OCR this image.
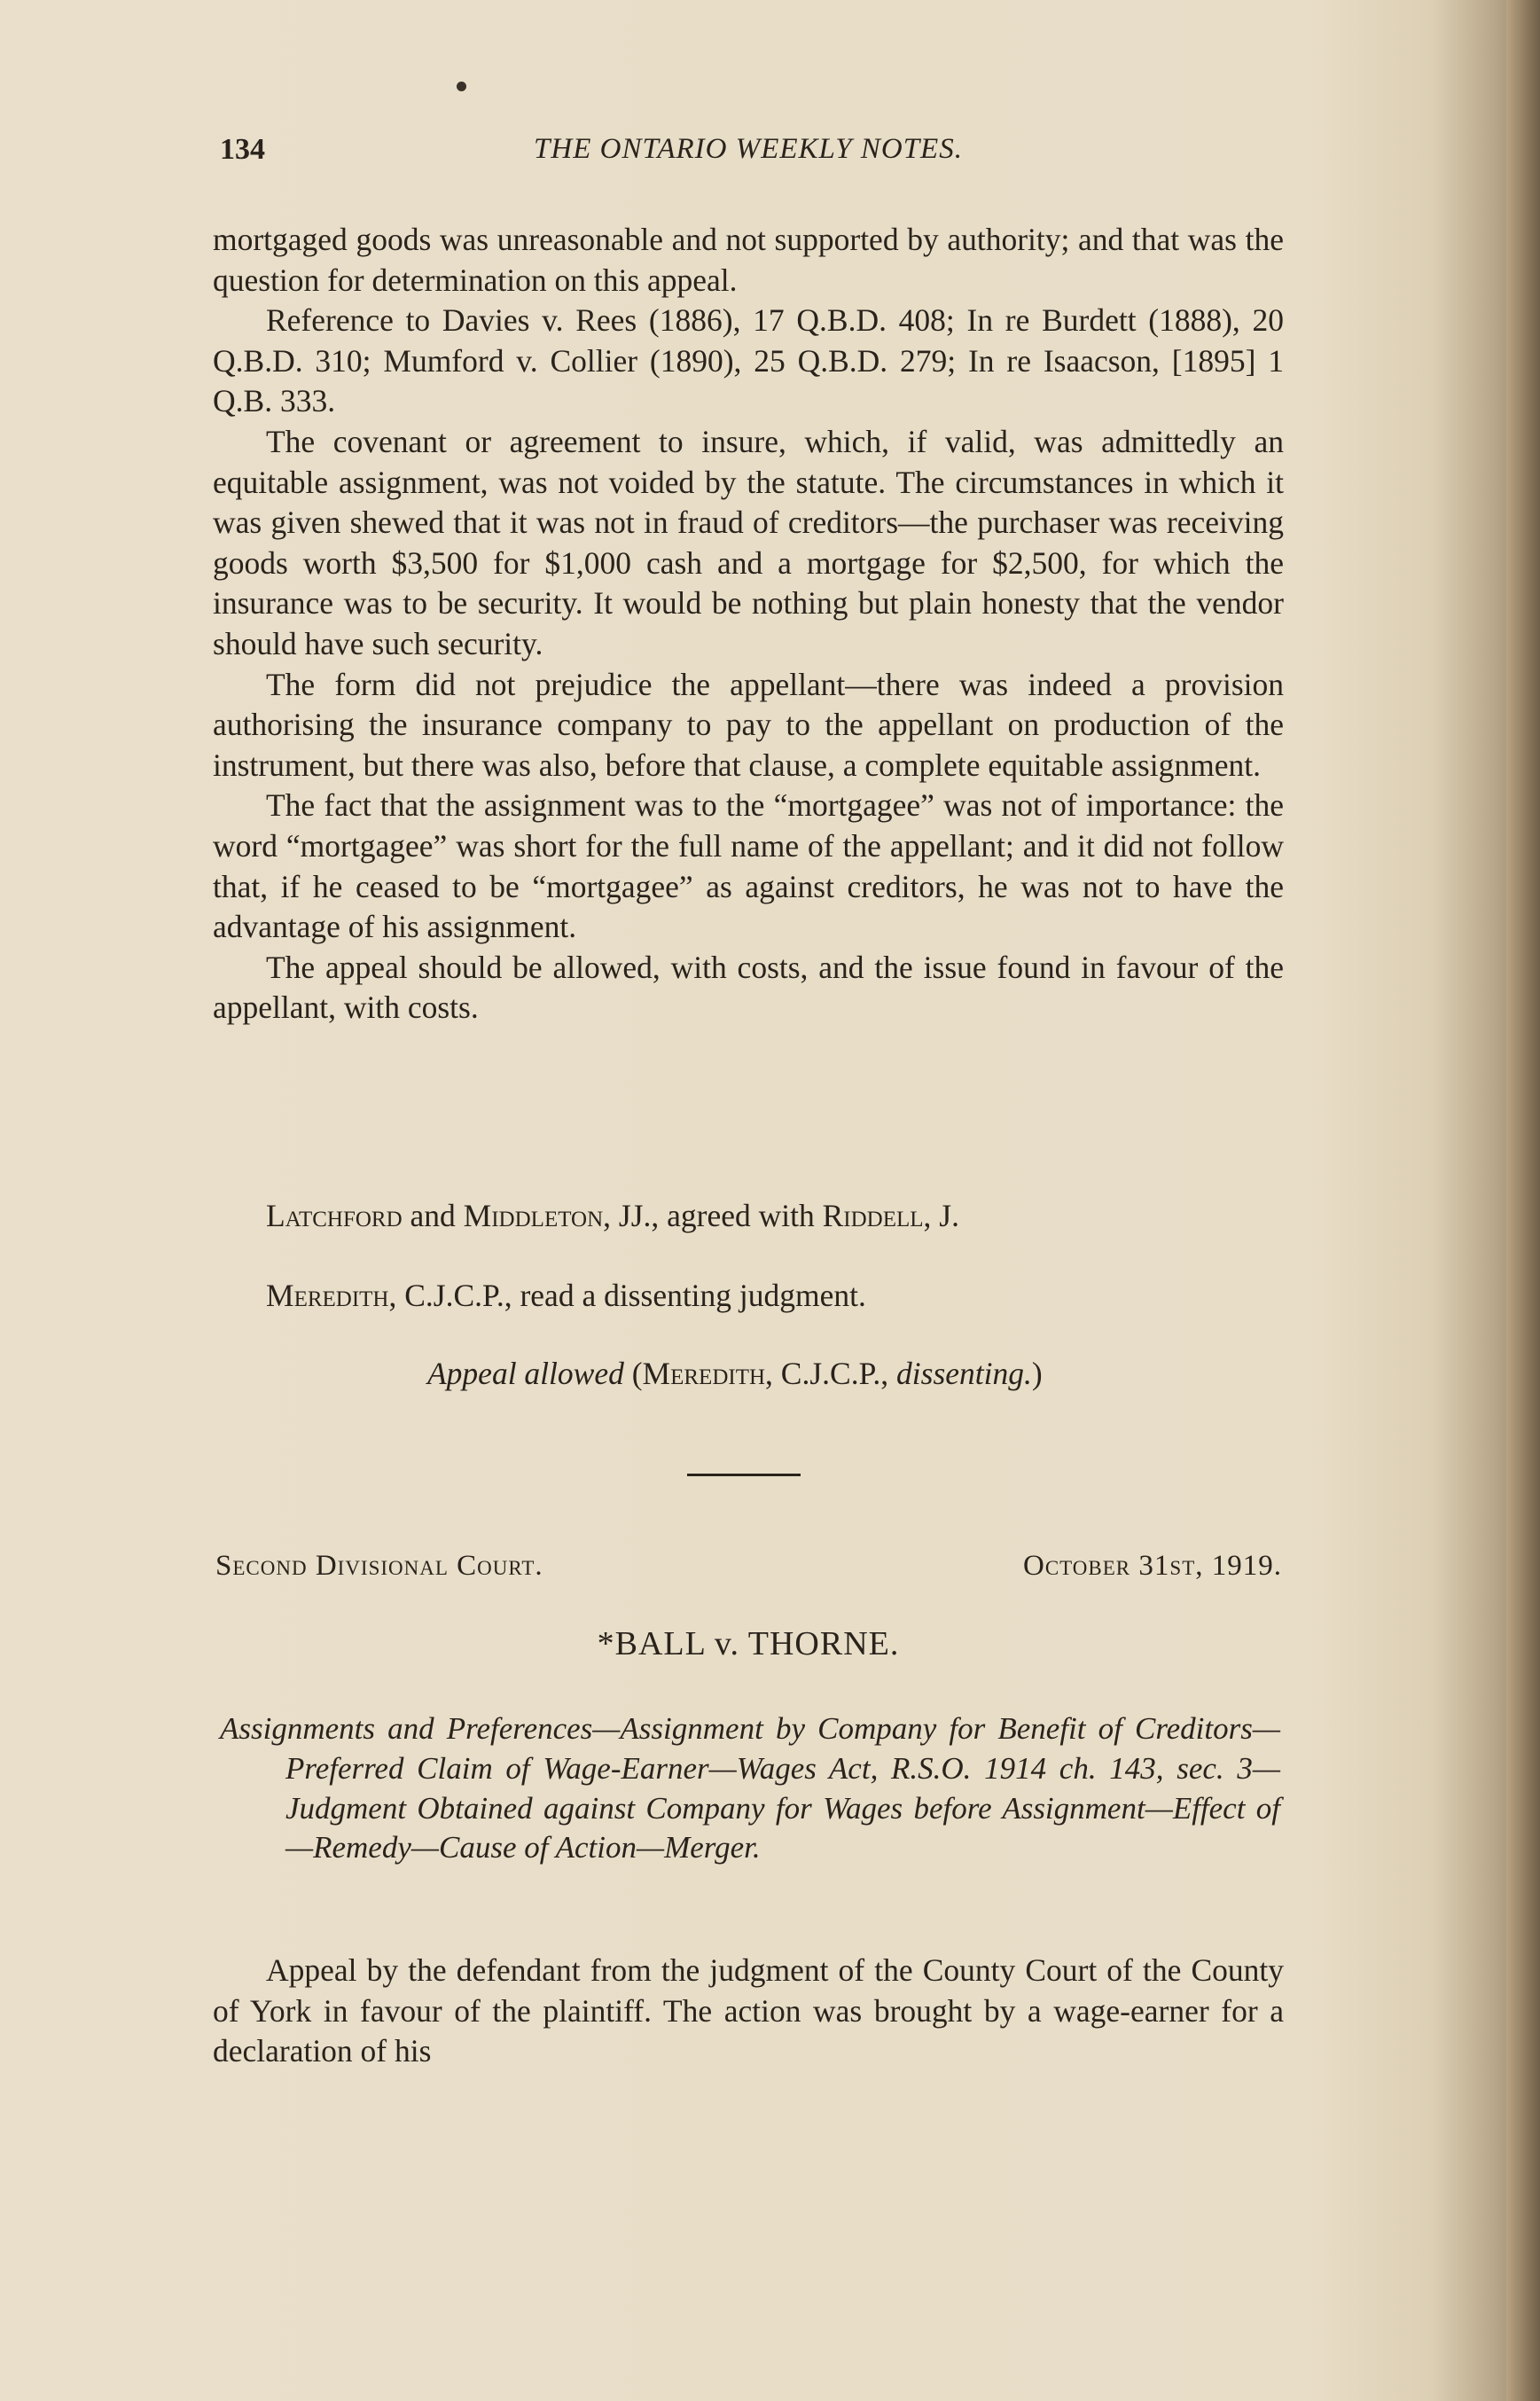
134	THE ONTARIO WEEKLY NOTES.

mortgaged goods was unreasonable and not supported by authority; and that was the question for determination on this appeal.

Reference to Davies v. Rees (1886), 17 Q.B.D. 408; In re Burdett (1888), 20 Q.B.D. 310; Mumford v. Collier (1890), 25 Q.B.D. 279; In re Isaacson, [1895] 1 Q.B. 333.

The covenant or agreement to insure, which, if valid, was admittedly an equitable assignment, was not voided by the statute. The circumstances in which it was given shewed that it was not in fraud of creditors—the purchaser was receiving goods worth $3,500 for $1,000 cash and a mortgage for $2,500, for which the insurance was to be security. It would be nothing but plain honesty that the vendor should have such security.

The form did not prejudice the appellant—there was indeed a provision authorising the insurance company to pay to the appellant on production of the instrument, but there was also, before that clause, a complete equitable assignment.

The fact that the assignment was to the “mortgagee” was not of importance: the word “mortgagee” was short for the full name of the appellant; and it did not follow that, if he ceased to be “mortgagee” as against creditors, he was not to have the advantage of his assignment.

The appeal should be allowed, with costs, and the issue found in favour of the appellant, with costs.

Latchford and Middleton, JJ., agreed with Riddell, J.
Meredith, C.J.C.P., read a dissenting judgment.
Appeal allowed (Meredith, C.J.C.P., dissenting.)
Second Divisional Court.	October 31st, 1919.
*BALL v. THORNE.
Assignments and Preferences—Assignment by Company for Benefit of Creditors—Preferred Claim of Wage-Earner—Wages Act, R.S.O. 1914 ch. 143, sec. 3—Judgment Obtained against Company for Wages before Assignment—Effect of—Remedy—Cause of Action—Merger.
Appeal by the defendant from the judgment of the County Court of the County of York in favour of the plaintiff. The action was brought by a wage-earner for a declaration of his
